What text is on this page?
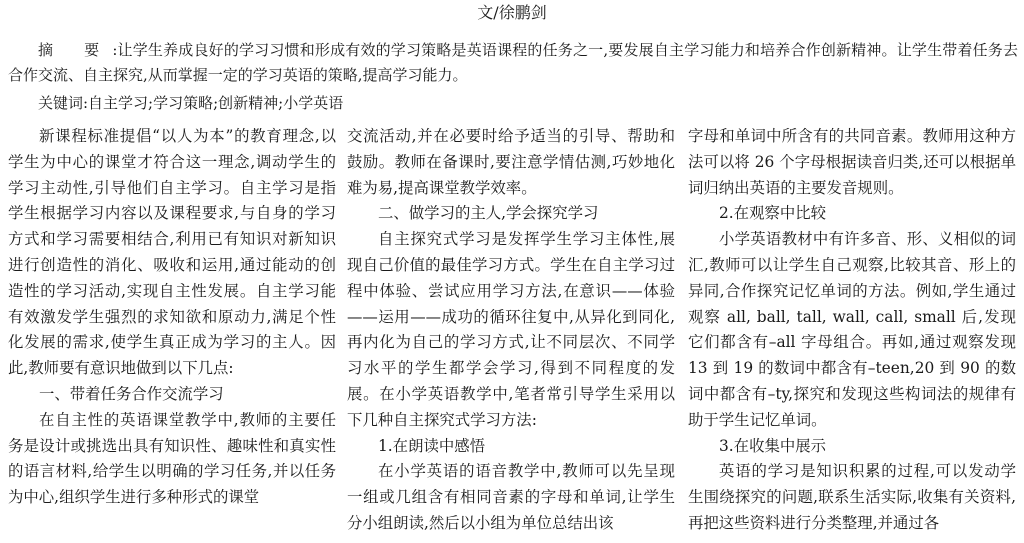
文/徐鹏剑
摘 要:让学生养成良好的学习习惯和形成有效的学习策略是英语课程的任务之一,要发展自主学习能力和培养合作创新精神。让学生带着任务去合作交流、自主探究,从而掌握一定的学习英语的策略,提高学习能力。
关键词:自主学习;学习策略;创新精神;小学英语

新课程标准提倡“以人为本”的教育理念,以学生为中心的课堂才符合这一理念,调动学生的学习主动性,引导他们自主学习。自主学习是指学生根据学习内容以及课程要求,与自身的学习方式和学习需要相结合,利用已有知识对新知识进行创造性的消化、吸收和运用,通过能动的创造性的学习活动,实现自主性发展。自主学习能有效激发学生强烈的求知欲和原动力,满足个性化发展的需求,使学生真正成为学习的主人。因此,教师要有意识地做到以下几点:

一、带着任务合作交流学习

在自主性的英语课堂教学中,教师的主要任务是设计或挑选出具有知识性、趣味性和真实性的语言材料,给学生以明确的学习任务,并以任务为中心,组织学生进行多种形式的课堂

交流活动,并在必要时给予适当的引导、帮助和鼓励。教师在备课时,要注意学情估测,巧妙地化难为易,提高课堂教学效率。

二、做学习的主人,学会探究学习

自主探究式学习是发挥学生学习主体性,展现自己价值的最佳学习方式。学生在自主学习过程中体验、尝试应用学习方法,在意识——体验——运用——成功的循环往复中,从异化到同化,再内化为自己的学习方式,让不同层次、不同学习水平的学生都学会学习,得到不同程度的发展。在小学英语教学中,笔者常引导学生采用以下几种自主探究式学习方法:

1.在朗读中感悟

在小学英语的语音教学中,教师可以先呈现一组或几组含有相同音素的字母和单词,让学生分小组朗读,然后以小组为单位总结出该

字母和单词中所含有的共同音素。教师用这种方法可以将 26 个字母根据读音归类,还可以根据单词归纳出英语的主要发音规则。

2.在观察中比较

小学英语教材中有许多音、形、义相似的词汇,教师可以让学生自己观察,比较其音、形上的异同,合作探究记忆单词的方法。例如,学生通过观察 all, ball, tall, wall, call, small 后,发现它们都含有–all 字母组合。再如,通过观察发现13 到 19 的数词中都含有–teen,20 到 90 的数词中都含有–ty,探究和发现这些构词法的规律有助于学生记忆单词。

3.在收集中展示

英语的学习是知识积累的过程,可以发动学生围绕探究的问题,联系生活实际,收集有关资料,再把这些资料进行分类整理,并通过各
